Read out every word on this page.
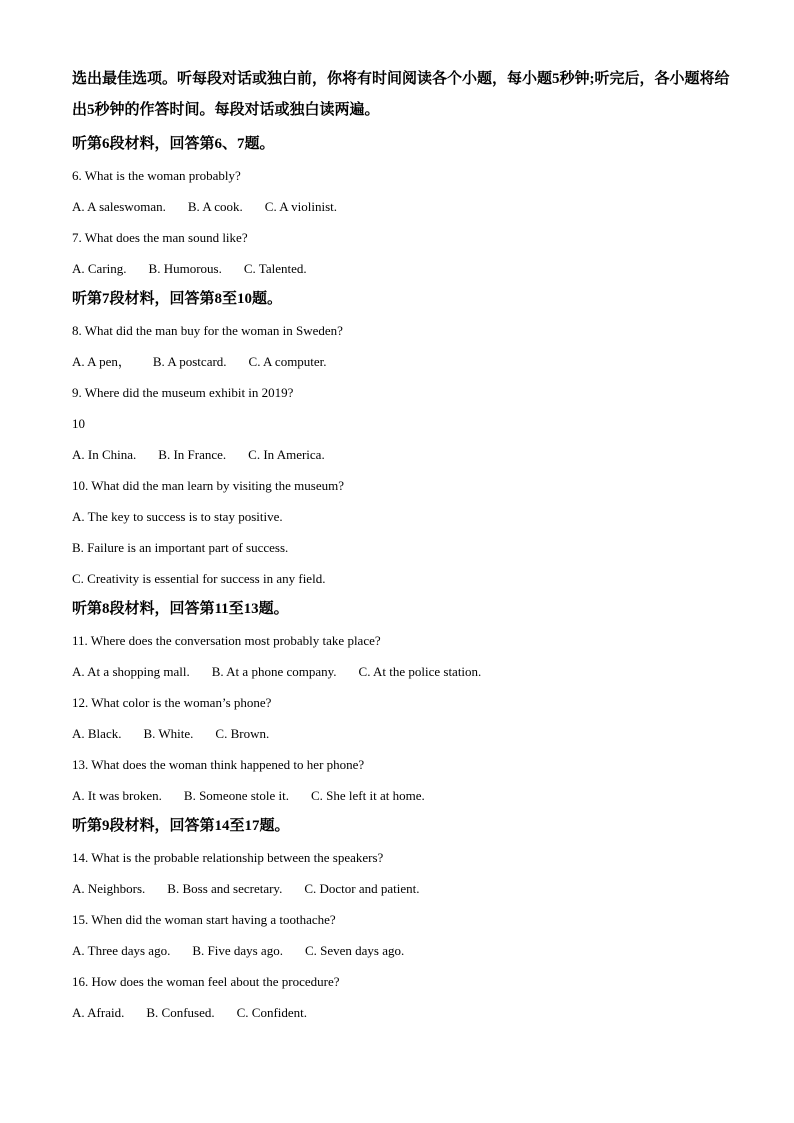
选出最佳选项。听每段对话或独白前，你将有时间阅读各个小题，每小题5秒钟;听完后，各小题将给出5秒钟的作答时间。每段对话或独白读两遍。

听第6段材料，回答第6、7题。
6. What is the woman probably?
A. A saleswoman. B. A cook. C. A violinist.
7. What does the man sound like?
A. Caring. B. Humorous. C. Talented.
听第7段材料，回答第8至10题。
8. What did the man buy for the woman in Sweden?
A. A pen， B. A postcard. C. A computer.
9. Where did the museum exhibit in 2019?
10
A. In China. B. In France. C. In America.
10. What did the man learn by visiting the museum?
A. The key to success is to stay positive.
B. Failure is an important part of success.
C. Creativity is essential for success in any field.
听第8段材料，回答第11至13题。
11. Where does the conversation most probably take place?
A. At a shopping mall. B. At a phone company. C. At the police station.
12. What color is the woman’s phone?
A. Black. B. White. C. Brown.
13. What does the woman think happened to her phone?
A. It was broken. B. Someone stole it. C. She left it at home.
听第9段材料，回答第14至17题。
14. What is the probable relationship between the speakers?
A. Neighbors. B. Boss and secretary. C. Doctor and patient.
15. When did the woman start having a toothache?
A. Three days ago. B. Five days ago. C. Seven days ago.
16. How does the woman feel about the procedure?
A. Afraid. B. Confused. C. Confident.
